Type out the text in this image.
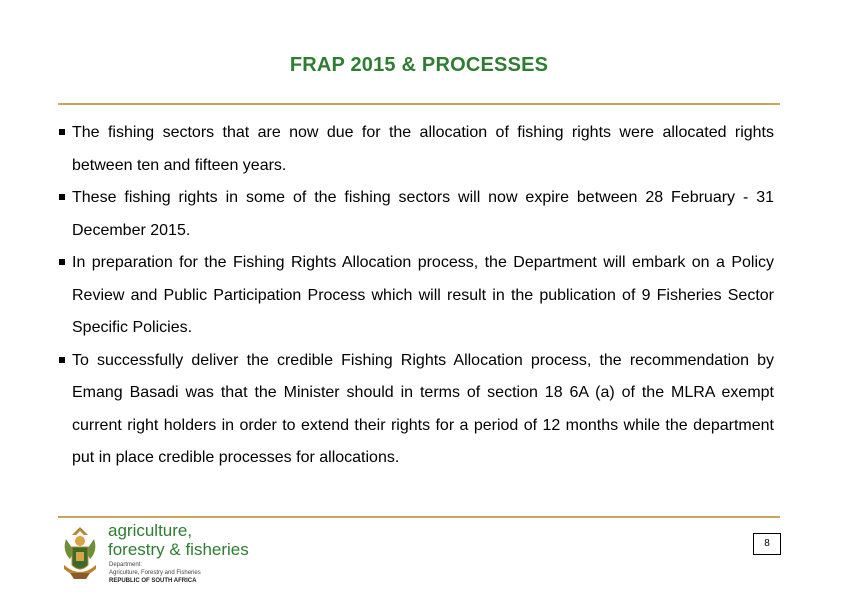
FRAP 2015 & PROCESSES
The fishing sectors that are now due for the allocation of fishing rights were allocated rights between ten and fifteen years.
These fishing rights in some of the fishing sectors will now expire between 28 February - 31 December 2015.
In preparation for the Fishing Rights Allocation process, the Department will embark on a Policy Review and Public Participation Process which will result in the publication of 9 Fisheries Sector Specific Policies.
To successfully deliver the credible Fishing Rights Allocation process, the recommendation by Emang Basadi was that the Minister should in terms of section 18 6A (a) of the MLRA exempt current right holders in order to extend their rights for a period of 12 months while the department put in place credible processes for allocations.
agriculture,
forestry & fisheries
Department:
Agriculture, Forestry and Fisheries
REPUBLIC OF SOUTH AFRICA
8
